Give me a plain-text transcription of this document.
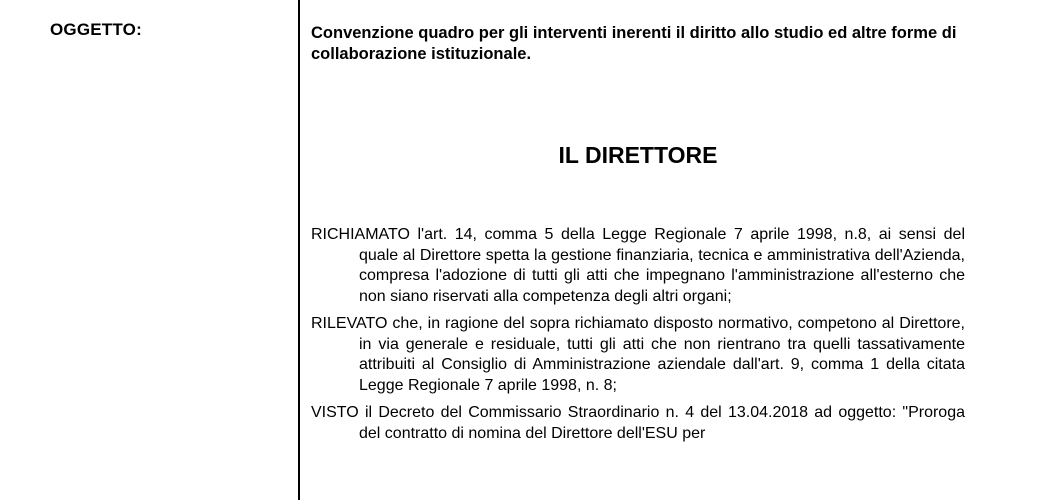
OGGETTO:	Convenzione quadro per gli interventi inerenti il diritto allo studio ed altre forme di collaborazione istituzionale.
IL DIRETTORE

RICHIAMATO l'art. 14, comma 5 della Legge Regionale 7 aprile 1998, n.8, ai sensi del quale al Direttore spetta la gestione finanziaria, tecnica e amministrativa dell'Azienda, compresa l'adozione di tutti gli atti che impegnano l'amministrazione all'esterno che non siano riservati alla competenza degli altri organi;

RILEVATO che, in ragione del sopra richiamato disposto normativo, competono al Direttore, in via generale e residuale, tutti gli atti che non rientrano tra quelli tassativamente attribuiti al Consiglio di Amministrazione aziendale dall'art. 9, comma 1 della citata Legge Regionale 7 aprile 1998, n. 8;

VISTO il Decreto del Commissario Straordinario n. 4 del 13.04.2018 ad oggetto: "Proroga del contratto di nomina del Direttore dell'ESU per
